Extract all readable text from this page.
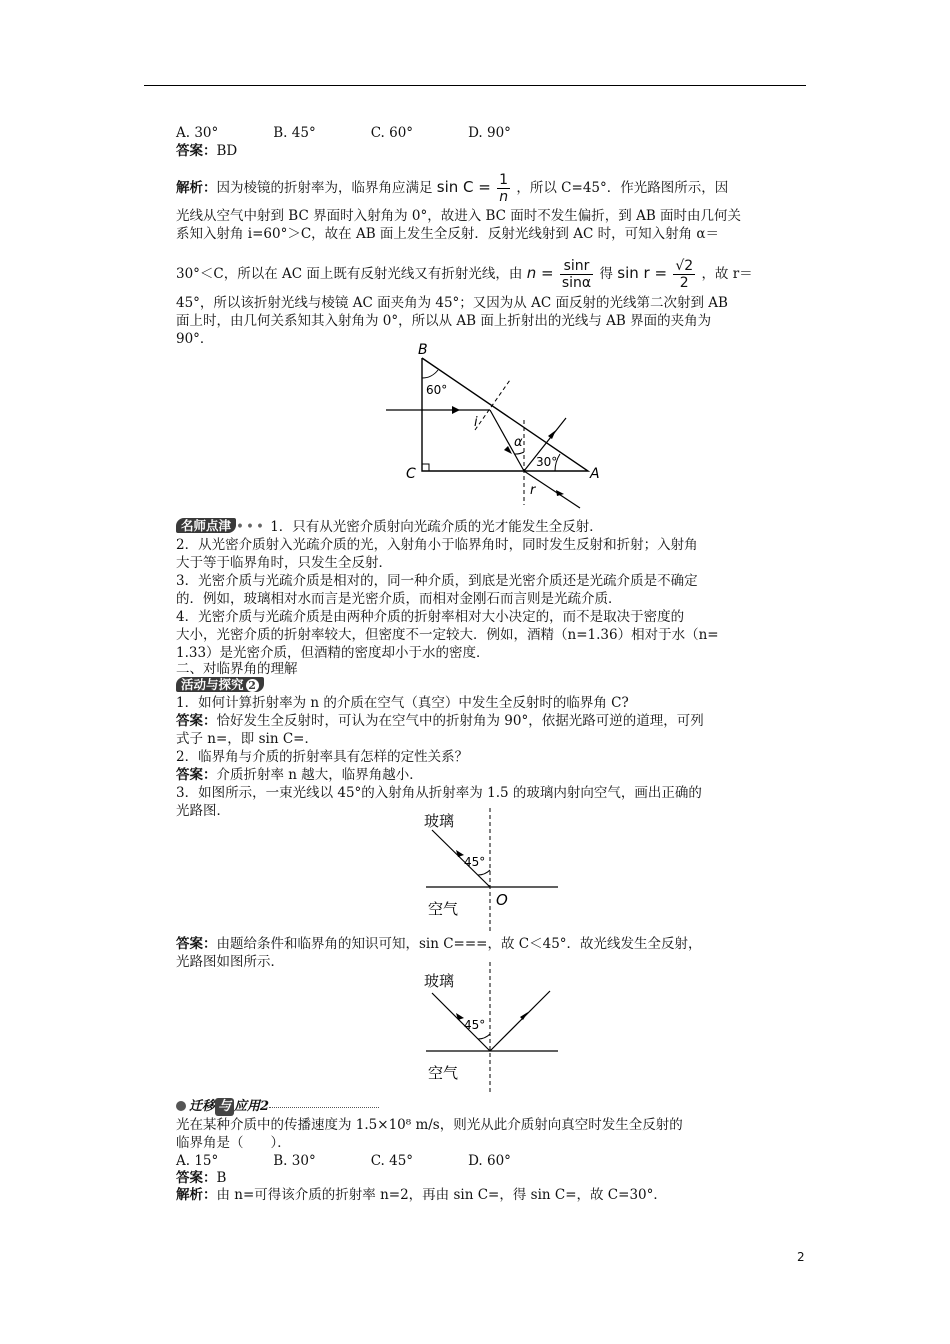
A. 30°	B. 45°	C. 60°	D. 90°
答案：BD
解析：因为棱镜的折射率为，临界角应满足 $\sin C = \frac{1}{n}$ ，所以 C=45°．作光路图所示，因
光线从空气中射到 BC 界面时入射角为 0°，故进入 BC 面时不发生偏折，到 AB 面时由几何关
系知入射角 i=60°＞C，故在 AB 面上发生全反射．反射光线射到 AC 时，可知入射角 α＝
30°＜C，所以在 AC 面上既有反射光线又有折射光线，由 $n = \frac{\sin r}{\sin\alpha}$ 得 $\sin r = \frac{√2}{2}$ ，故 r＝
45°，所以该折射光线与棱镜 AC 面夹角为 45°；又因为从 AC 面反射的光线第二次射到 AB
面上时，由几何关系知其入射角为 0°，所以从 AB 面上折射出的光线与 AB 界面的夹角为
90°．
B
C	A
60°
30°
i
α
r
名师点津 ••• 1．只有从光密介质射向光疏介质的光才能发生全反射．
2．从光密介质射入光疏介质的光，入射角小于临界角时，同时发生反射和折射；入射角
大于等于临界角时，只发生全反射．
3．光密介质与光疏介质是相对的，同一种介质，到底是光密介质还是光疏介质是不确定
的．例如，玻璃相对水而言是光密介质，而相对金刚石而言则是光疏介质．
4．光密介质与光疏介质是由两种介质的折射率相对大小决定的，而不是取决于密度的
大小，光密介质的折射率较大，但密度不一定较大．例如，酒精（n=1.36）相对于水（n=
1.33）是光密介质，但酒精的密度却小于水的密度．
二、对临界角的理解
活动与探究 2
1．如何计算折射率为 n 的介质在空气（真空）中发生全反射时的临界角 C?
答案：恰好发生全反射时，可认为在空气中的折射角为 90°，依据光路可逆的道理，可列
式子 n=，即 sin C=．
2．临界角与介质的折射率具有怎样的定性关系？
答案：介质折射率 n 越大，临界角越小．
3．如图所示，一束光线以 45°的入射角从折射率为 1.5 的玻璃内射向空气，画出正确的
光路图．
玻璃
空气
45°
O
答案：由题给条件和临界角的知识可知，sin C===，故 C＜45°．故光线发生全反射，
光路图如图所示．
玻璃
空气
45°
迁移 与 应用2
光在某种介质中的传播速度为 1.5×10⁸ m/s，则光从此介质射向真空时发生全反射的
临界角是（　　）．
A. 15°	B. 30°	C. 45°	D. 60°
答案：B
解析：由 n=可得该介质的折射率 n=2，再由 sin C=，得 sin C=，故 C=30°．
2
